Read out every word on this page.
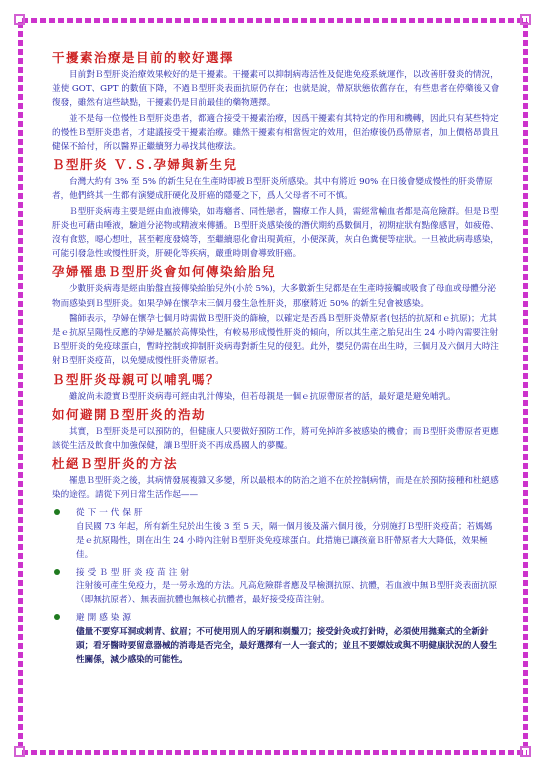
干擾素治療是目前的較好選擇

目前對Ｂ型肝炎治療效果較好的是干擾素。干擾素可以抑制病毒活性及促進免疫系統運作，以改善肝發炎的情況，並使 GOT、GPT 的數值下降，不過Ｂ型肝炎表面抗原仍存在；也就是說，帶原狀態依舊存在，有些患者在停藥後又會復發，雖然有這些缺點，干擾素仍是目前最佳的藥物選擇。

並不是每一位慢性Ｂ型肝炎患者，都適合接受干擾素治療，因爲干擾素有其特定的作用和機轉，因此只有某些特定的慢性Ｂ型肝炎患者，才建議接受干擾素治療。雖然干擾素有相當恆定的效用，但治療後仍爲帶原者，加上價格昂貴且健保不給付，所以醫界正繼續努力尋找其他療法。

Ｂ型肝炎 Ｖ.Ｓ.孕婦與新生兒

台灣大約有 3% 至 5% 的新生兒在生產時即被Ｂ型肝炎所感染。其中有將近 90% 在日後會變成慢性的肝炎帶原者，他們終其一生都有演變成肝硬化及肝癌的隱憂之下，爲人父母者不可不慎。

Ｂ型肝炎病毒主要是經由血液傳染，如毒癮者、同性戀者，醫療工作人員，需經常輸血者都是高危險群。但是Ｂ型肝炎也可藉由唾液，驗道分泌物或精液來傳播。Ｂ型肝炎感染後的潛伏期約爲數個月，初期症狀有點像感冒，如疲倦、沒有食慾，噁心想吐，甚至輕度發燒等，至繼續惡化會出現黃疸，小便深黃，灰白色糞便等症狀。一旦被此病毒感染，可能引發急性或慢性肝炎，肝硬化等疾病，嚴重時則會導致肝癌。

孕婦罹患Ｂ型肝炎會如何傳染給胎兒

少數肝炎病毒是經由胎盤直接傳染給胎兒外(小於 5%)，大多數新生兒都是在生產時接觸或吸食了母血或母體分泌物而感染到Ｂ型肝炎。如果孕婦在懷孕末三個月發生急性肝炎，那麼將近 50% 的新生兒會被感染。

醫師表示，孕婦在懷孕七個月時需做Ｂ型肝炎的篩檢，以確定是否爲Ｂ型肝炎帶原者(包括的抗原和ｅ抗原)；尤其是ｅ抗原呈陽性反應的孕婦是屬於高傳染性，有較易形成慢性肝炎的傾向，所以其生產之胎兒出生 24 小時內需要注射Ｂ型肝炎的免疫球蛋白，暫時控制或抑制肝炎病毒對新生兒的侵犯。此外，嬰兒仍需在出生時，三個月及六個月大時注射Ｂ型肝炎疫苗，以免變成慢性肝炎帶原者。

Ｂ型肝炎母親可以哺乳嗎？

雖說尚未證實Ｂ型肝炎病毒可經由乳汁傳染，但若母親是一個ｅ抗原帶原者的話，最好還是避免哺乳。

如何避開Ｂ型肝炎的浩劫

其實，Ｂ型肝炎是可以預防的，但健康人只要做好預防工作，將可免掉許多被感染的機會；而Ｂ型肝炎帶原者更應該從生活及飲食中加強保健，讓Ｂ型肝炎不再成爲國人的夢魘。

杜絕Ｂ型肝炎的方法

罹患Ｂ型肝炎之後，其病情發展複雜又多變，所以最根本的防治之道不在於控制病情，而是在於預防接種和杜絕感染的途徑。請從下列日常生活作起——

從下一代保肝

自民國 73 年起，所有新生兒於出生後 3 至 5 天，隔一個月後及滿六個月後，分別施打Ｂ型肝炎疫苗；若媽媽是ｅ抗原陽性，則在出生 24 小時內注射Ｂ型肝炎免疫球蛋白。此措施已讓孩童Ｂ肝帶原者大大降低，效果極佳。

接受Ｂ型肝炎疫苗注射

注射後可產生免疫力，是一勞永逸的方法。凡高危險群者應及早檢測抗原、抗體，若血液中無Ｂ型肝炎表面抗原（即無抗原者）、無表面抗體也無核心抗體者，最好接受疫苗注射。

避開感染源

儘量不要穿耳洞或刺青、紋眉；不可使用別人的牙刷和剃鬚刀；接受針灸或打針時，必須使用拋棄式的全新針頭；看牙醫時要留意器械的消毒是否完全，最好選擇有一人一套式的；並且不要嫖妓或與不明健康狀況的人發生性關係，減少感染的可能性。
